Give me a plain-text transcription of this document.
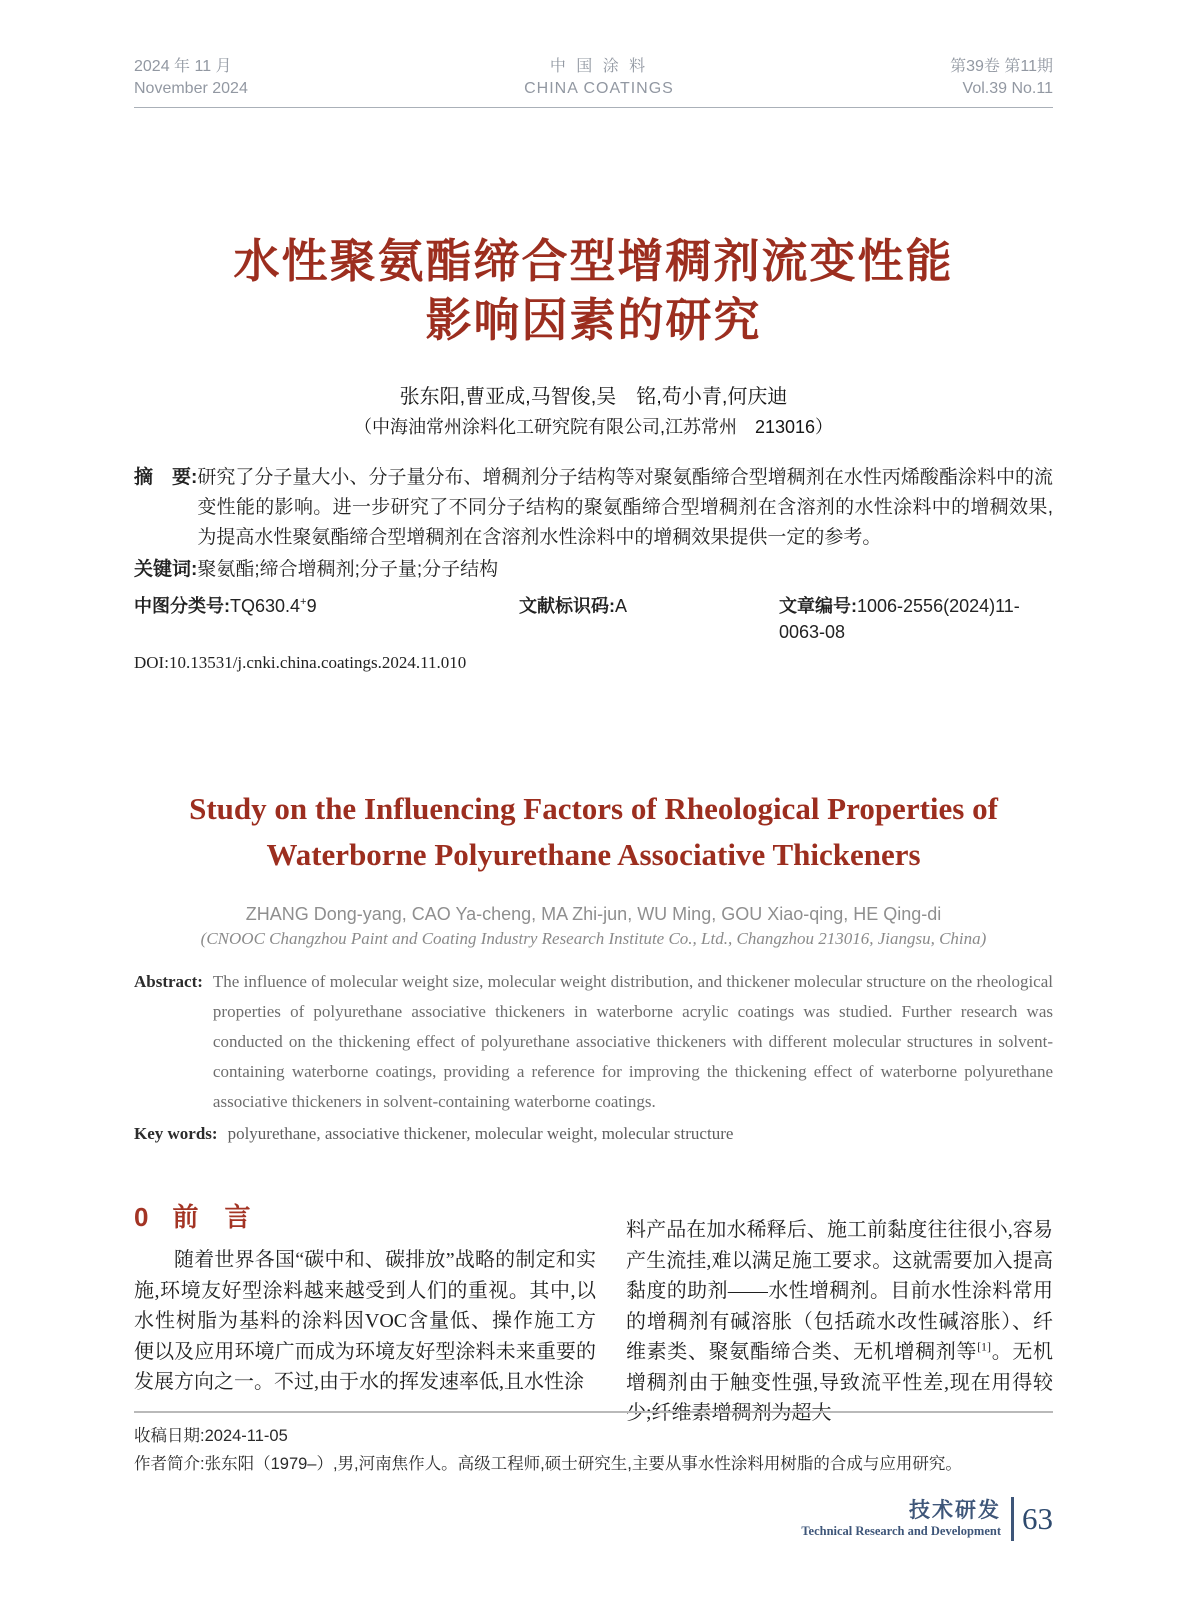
2024 年 11 月
November 2024
中 国 涂 料
CHINA COATINGS
第39卷 第11期
Vol.39 No.11
水性聚氨酯缔合型增稠剂流变性能
影响因素的研究
张东阳,曹亚成,马智俊,吴　铭,苟小青,何庆迪
（中海油常州涂料化工研究院有限公司,江苏常州　213016）
摘　要: 研究了分子量大小、分子量分布、增稠剂分子结构等对聚氨酯缔合型增稠剂在水性丙烯酸酯涂料中的流变性能的影响。进一步研究了不同分子结构的聚氨酯缔合型增稠剂在含溶剂的水性涂料中的增稠效果,为提高水性聚氨酯缔合型增稠剂在含溶剂水性涂料中的增稠效果提供一定的参考。
关键词:聚氨酯;缔合增稠剂;分子量;分子结构
中图分类号:TQ630.4+9	文献标识码:A	文章编号:1006-2556(2024)11-0063-08
DOI:10.13531/j.cnki.china.coatings.2024.11.010
Study on the Influencing Factors of Rheological Properties of
Waterborne Polyurethane Associative Thickeners
ZHANG Dong-yang, CAO Ya-cheng, MA Zhi-jun, WU Ming, GOU Xiao-qing, HE Qing-di
(CNOOC Changzhou Paint and Coating Industry Research Institute Co., Ltd., Changzhou 213016, Jiangsu, China)
Abstract: The influence of molecular weight size, molecular weight distribution, and thickener molecular structure on the rheological properties of polyurethane associative thickeners in waterborne acrylic coatings was studied. Further research was conducted on the thickening effect of polyurethane associative thickeners with different molecular structures in solvent-containing waterborne coatings, providing a reference for improving the thickening effect of waterborne polyurethane associative thickeners in solvent-containing waterborne coatings.
Key words: polyurethane, associative thickener, molecular weight, molecular structure
0 前　言
随着世界各国“碳中和、碳排放”战略的制定和实施,环境友好型涂料越来越受到人们的重视。其中,以水性树脂为基料的涂料因VOC含量低、操作施工方便以及应用环境广而成为环境友好型涂料未来重要的发展方向之一。不过,由于水的挥发速率低,且水性涂
料产品在加水稀释后、施工前黏度往往很小,容易产生流挂,难以满足施工要求。这就需要加入提高黏度的助剂——水性增稠剂。目前水性涂料常用的增稠剂有碱溶胀（包括疏水改性碱溶胀）、纤维素类、聚氨酯缔合类、无机增稠剂等[1]。无机增稠剂由于触变性强,导致流平性差,现在用得较少;纤维素增稠剂为超大
收稿日期:2024-11-05
作者简介:张东阳（1979–）,男,河南焦作人。高级工程师,硕士研究生,主要从事水性涂料用树脂的合成与应用研究。
技术研发
Technical Research and Development 63
